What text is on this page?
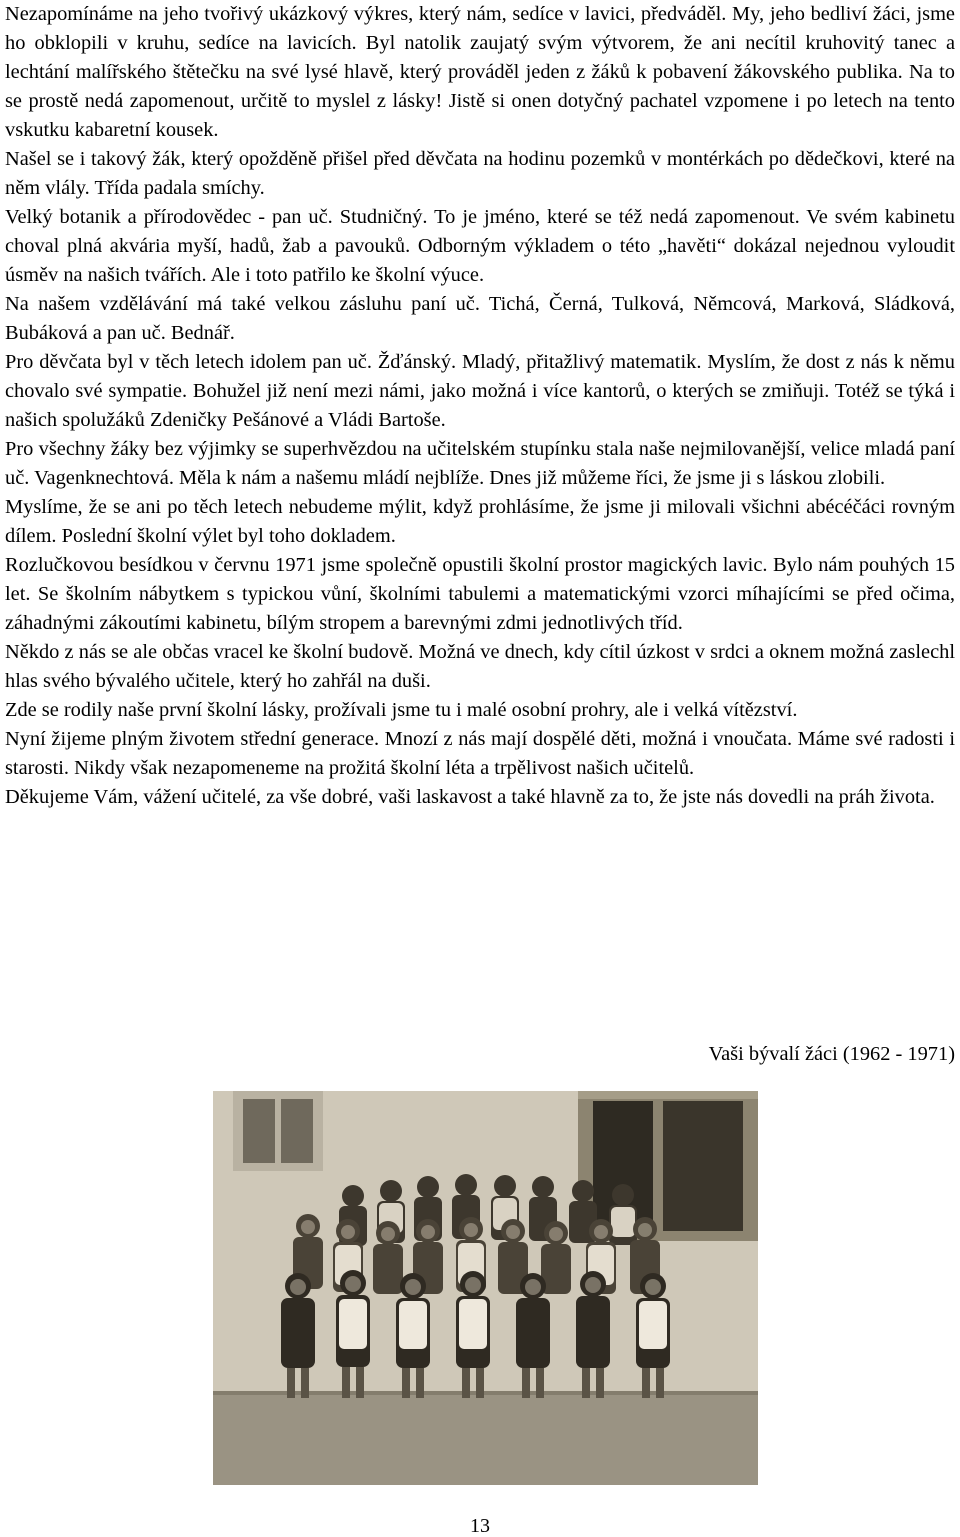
Nezapomínáme na jeho tvořivý ukázkový výkres, který nám, sedíce v lavici, předváděl. My, jeho bedliví žáci, jsme ho obklopili v kruhu, sedíce na lavicích. Byl natolik zaujatý svým výtvorem, že ani necítil kruhovitý tanec a lechtání malířského štětečku na své lysé hlavě, který prováděl jeden z žáků k pobavení žákovského publika. Na to se prostě nedá zapomenout, určitě to myslel z lásky! Jistě si onen dotyčný pachatel vzpomene i po letech na tento vskutku kabaretní kousek.

Našel se i takový žák, který opožděně přišel před děvčata na hodinu pozemků v montérkách po dědečkovi, které na něm vlály. Třída padala smíchy.

Velký botanik a přírodovědec - pan uč. Studničný. To je jméno, které se též nedá zapomenout. Ve svém kabinetu choval plná akvária myší, hadů, žab a pavouků. Odborným výkladem o této „havěti“ dokázal nejednou vyloudit úsměv na našich tvářích. Ale i toto patřilo ke školní výuce.

Na našem vzdělávání má také velkou zásluhu paní uč. Tichá, Černá, Tulková, Němcová, Marková, Sládková, Bubáková a pan uč. Bednář.

Pro děvčata byl v těch letech idolem pan uč. Žďánský. Mladý, přitažlivý matematik. Myslím, že dost z nás k němu chovalo své sympatie. Bohužel již není mezi námi, jako možná i více kantorů, o kterých se zmiňuji. Totéž se týká i našich spolužáků Zdeničky Pešánové a Vládi Bartoše.

Pro všechny žáky bez výjimky se superhvězdou na učitelském stupínku stala naše nejmilovanější, velice mladá paní uč. Vagenknechtová. Měla k nám a našemu mládí nejblíže. Dnes již můžeme říci, že jsme ji s láskou zlobili.

Myslíme, že se ani po těch letech nebudeme mýlit, když prohlásíme, že jsme ji milovali všichni abécéčáci rovným dílem. Poslední školní výlet byl toho dokladem.

Rozlučkovou besídkou v červnu 1971 jsme společně opustili školní prostor magických lavic. Bylo nám pouhých 15 let. Se školním nábytkem s typickou vůní, školními tabulemi a matematickými vzorci míhajícími se před očima, záhadnými zákoutími kabinetu, bílým stropem a barevnými zdmi jednotlivých tříd.

Někdo z nás se ale občas vracel ke školní budově. Možná ve dnech, kdy cítil úzkost v srdci a oknem možná zaslechl hlas svého bývalého učitele, který ho zahřál na duši.

Zde se rodily naše první školní lásky, prožívali jsme tu i malé osobní prohry, ale i velká vítězství.

Nyní žijeme plným životem střední generace. Mnozí z nás mají dospělé děti, možná i vnoučata. Máme své radosti i starosti. Nikdy však nezapomeneme na prožitá školní léta a trpělivost našich učitelů.

Děkujeme Vám, vážení učitelé, za vše dobré, vaši laskavost a také hlavně za to, že jste nás dovedli na práh života.

Vaši bývalí žáci (1962 - 1971)
13
